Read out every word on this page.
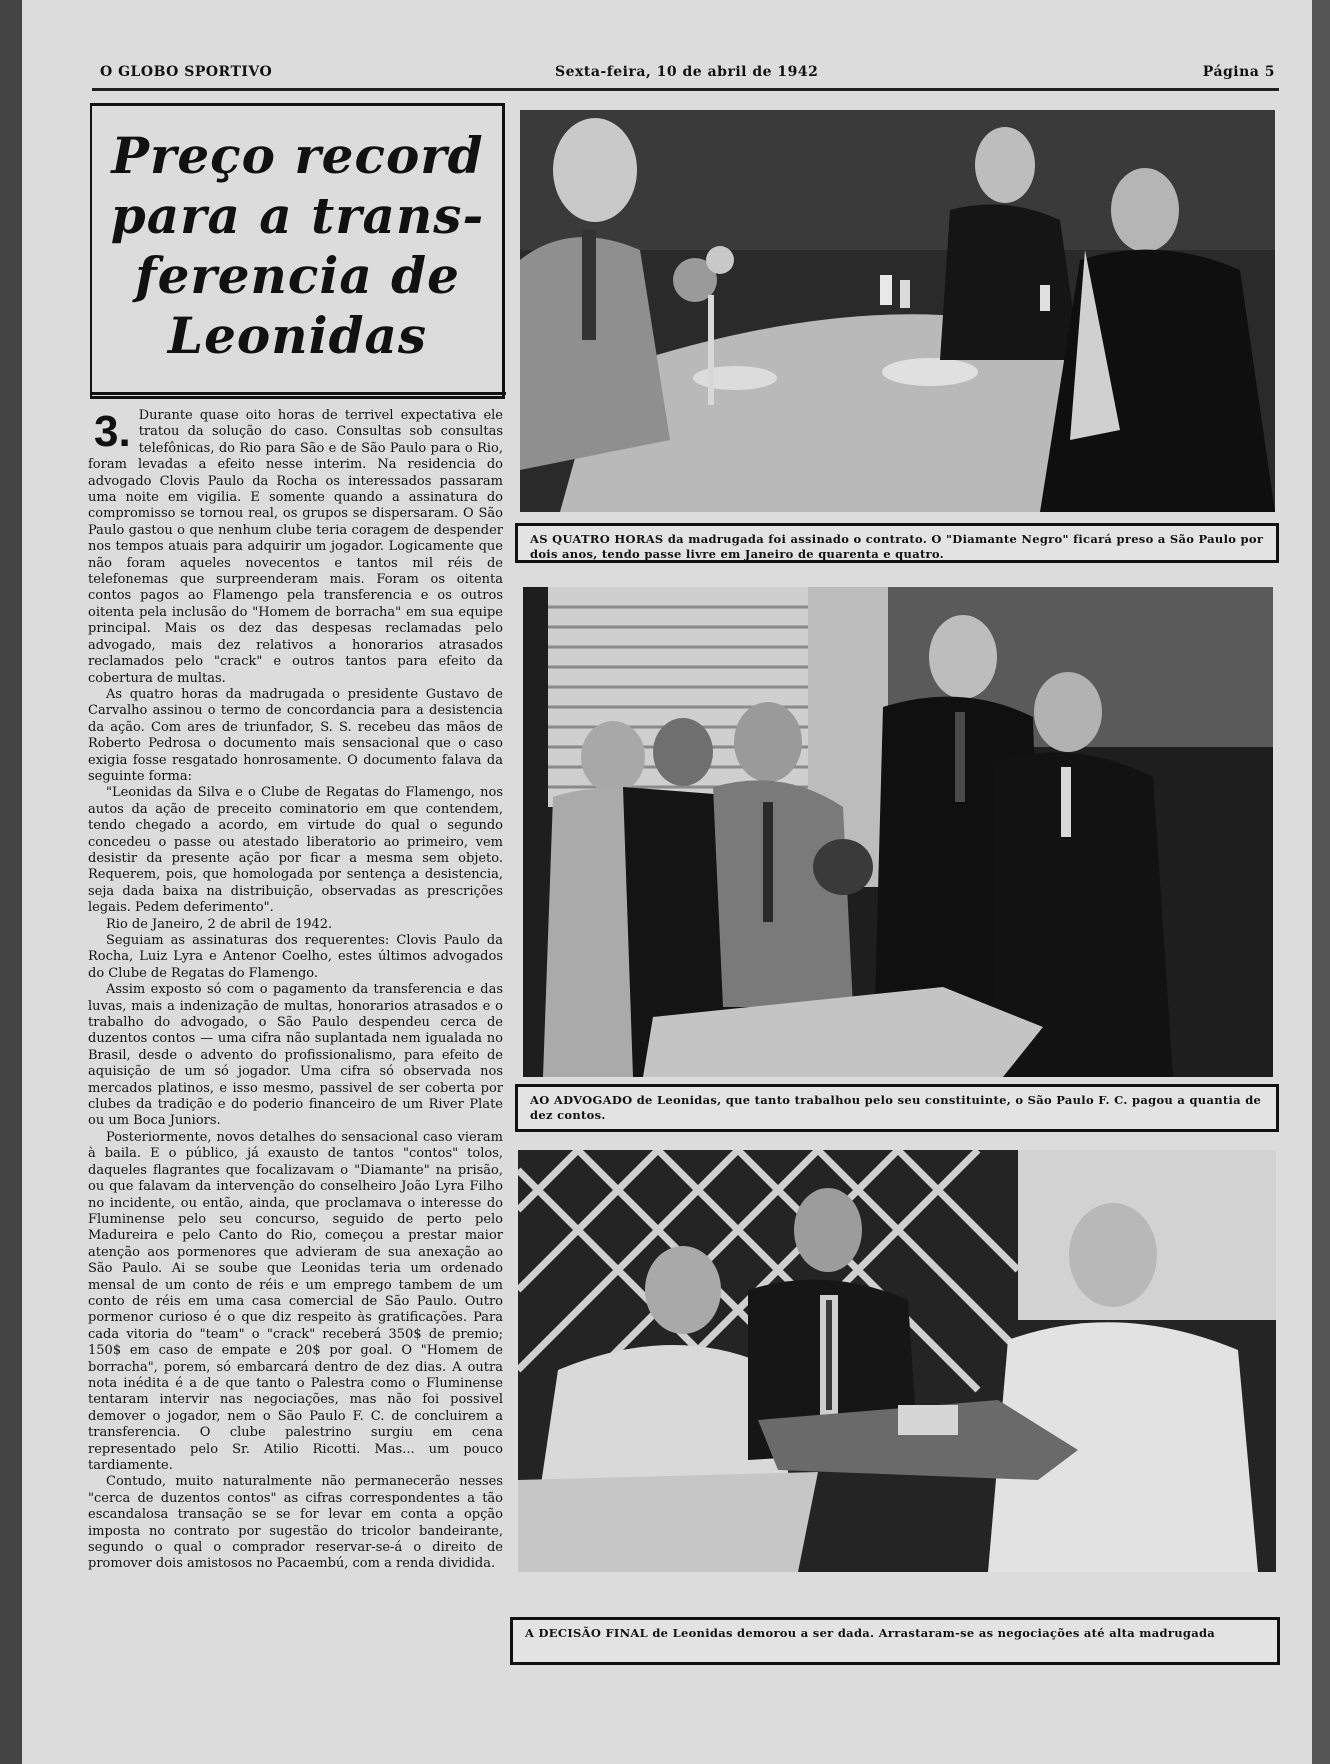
O GLOBO SPORTIVO	Sexta-feira, 10 de abril de 1942	Página 5
Preço record
para a trans-
ferencia de
Leonidas
3. Durante quase oito horas de terrivel expectativa ele tratou da solução do caso. Consultas sob consultas telefônicas, do Rio para São e de São Paulo para o Rio, foram levadas a efeito nesse interim. Na residencia do advogado Clovis Paulo da Rocha os interessados passaram uma noite em vigilia. E somente quando a assinatura do compromisso se tornou real, os grupos se dispersaram. O São Paulo gastou o que nenhum clube teria coragem de despender nos tempos atuais para adquirir um jogador. Logicamente que não foram aqueles novecentos e tantos mil réis de telefonemas que surpreenderam mais. Foram os oitenta contos pagos ao Flamengo pela transferencia e os outros oitenta pela inclusão do "Homem de borracha" em sua equipe principal. Mais os dez das despesas reclamadas pelo advogado, mais dez relativos a honorarios atrasados reclamados pelo "crack" e outros tantos para efeito da cobertura de multas.

As quatro horas da madrugada o presidente Gustavo de Carvalho assinou o termo de concordancia para a desistencia da ação. Com ares de triunfador, S. S. recebeu das mãos de Roberto Pedrosa o documento mais sensacional que o caso exigia fosse resgatado honrosamente. O documento falava da seguinte forma:

"Leonidas da Silva e o Clube de Regatas do Flamengo, nos autos da ação de preceito cominatorio em que contendem, tendo chegado a acordo, em virtude do qual o segundo concedeu o passe ou atestado liberatorio ao primeiro, vem desistir da presente ação por ficar a mesma sem objeto. Requerem, pois, que homologada por sentença a desistencia, seja dada baixa na distribuição, observadas as prescrições legais. Pedem deferimento".

Rio de Janeiro, 2 de abril de 1942.

Seguiam as assinaturas dos requerentes: Clovis Paulo da Rocha, Luiz Lyra e Antenor Coelho, estes últimos advogados do Clube de Regatas do Flamengo.

Assim exposto só com o pagamento da transferencia e das luvas, mais a indenização de multas, honorarios atrasados e o trabalho do advogado, o São Paulo despendeu cerca de duzentos contos — uma cifra não suplantada nem igualada no Brasil, desde o advento do profissionalismo, para efeito de aquisição de um só jogador. Uma cifra só observada nos mercados platinos, e isso mesmo, passivel de ser coberta por clubes da tradição e do poderio financeiro de um River Plate ou um Boca Juniors.

Posteriormente, novos detalhes do sensacional caso vieram à baila. E o público, já exausto de tantos "contos" tolos, daqueles flagrantes que focalizavam o "Diamante" na prisão, ou que falavam da intervenção do conselheiro João Lyra Filho no incidente, ou então, ainda, que proclamava o interesse do Fluminense pelo seu concurso, seguido de perto pelo Madureira e pelo Canto do Rio, começou a prestar maior atenção aos pormenores que advieram de sua anexação ao São Paulo. Ai se soube que Leonidas teria um ordenado mensal de um conto de réis e um emprego tambem de um conto de réis em uma casa comercial de São Paulo. Outro pormenor curioso é o que diz respeito às gratificações. Para cada vitoria do "team" o "crack" receberá 350$ de premio; 150$ em caso de empate e 20$ por goal. O "Homem de borracha", porem, só embarcará dentro de dez dias. A outra nota inédita é a de que tanto o Palestra como o Fluminense tentaram intervir nas negociações, mas não foi possivel demover o jogador, nem o São Paulo F. C. de concluirem a transferencia. O clube palestrino surgiu em cena representado pelo Sr. Atilio Ricotti. Mas... um pouco tardiamente.

Contudo, muito naturalmente não permanecerão nesses "cerca de duzentos contos" as cifras correspondentes a tão escandalosa transação se se for levar em conta a opção imposta no contrato por sugestão do tricolor bandeirante, segundo o qual o comprador reservar-se-á o direito de promover dois amistosos no Pacaembú, com a renda dividida.

AS QUATRO HORAS da madrugada foi assinado o contrato. O "Diamante Negro" ficará preso a São Paulo por dois anos, tendo passe livre em Janeiro de quarenta e quatro.
AO ADVOGADO de Leonidas, que tanto trabalhou pelo seu constituinte, o São Paulo F. C. pagou a quantia de dez contos.
A DECISÃO FINAL de Leonidas demorou a ser dada. Arrastaram-se as negociações até alta madrugada
